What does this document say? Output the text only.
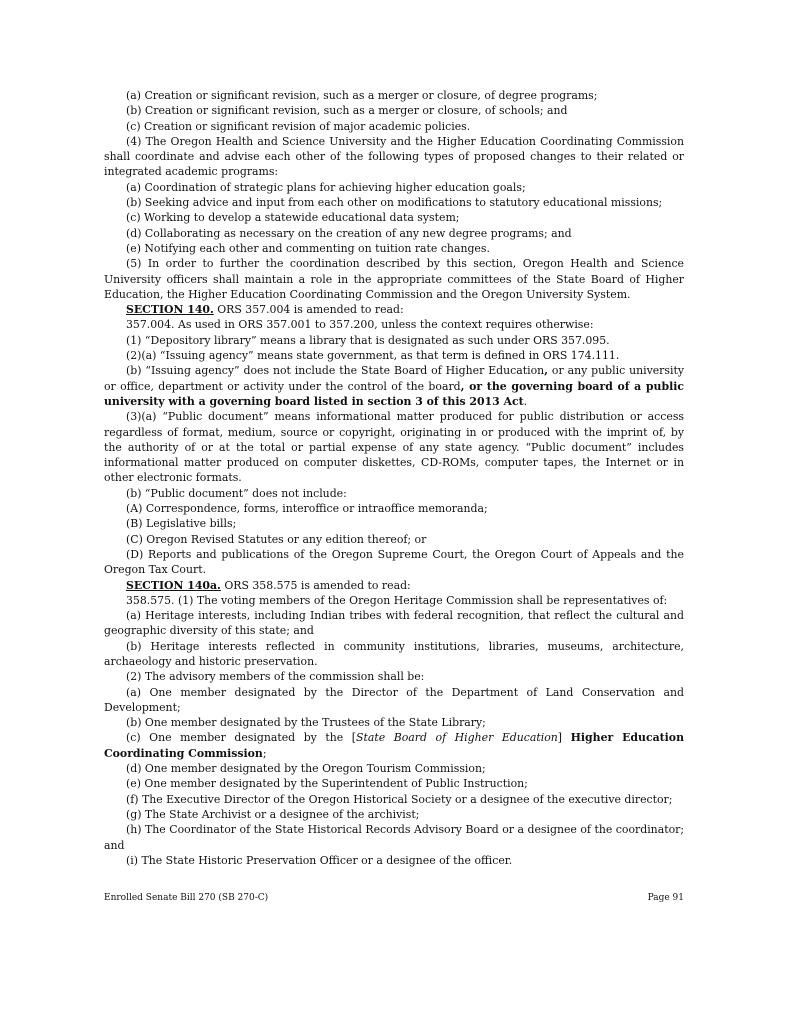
(a) Creation or significant revision, such as a merger or closure, of degree programs;

(b) Creation or significant revision, such as a merger or closure, of schools; and

(c) Creation or significant revision of major academic policies.

(4) The Oregon Health and Science University and the Higher Education Coordinating Commission shall coordinate and advise each other of the following types of proposed changes to their related or integrated academic programs:

(a) Coordination of strategic plans for achieving higher education goals;

(b) Seeking advice and input from each other on modifications to statutory educational missions;

(c) Working to develop a statewide educational data system;

(d) Collaborating as necessary on the creation of any new degree programs; and

(e) Notifying each other and commenting on tuition rate changes.

(5) In order to further the coordination described by this section, Oregon Health and Science University officers shall maintain a role in the appropriate committees of the State Board of Higher Education, the Higher Education Coordinating Commission and the Oregon University System.

SECTION 140. ORS 357.004 is amended to read:

357.004. As used in ORS 357.001 to 357.200, unless the context requires otherwise:

(1) “Depository library” means a library that is designated as such under ORS 357.095.

(2)(a) “Issuing agency” means state government, as that term is defined in ORS 174.111.

(b) “Issuing agency” does not include the State Board of Higher Education, or any public university or office, department or activity under the control of the board, or the governing board of a public university with a governing board listed in section 3 of this 2013 Act.

(3)(a) “Public document” means informational matter produced for public distribution or access regardless of format, medium, source or copyright, originating in or produced with the imprint of, by the authority of or at the total or partial expense of any state agency. “Public document” includes informational matter produced on computer diskettes, CD-ROMs, computer tapes, the Internet or in other electronic formats.

(b) “Public document” does not include:

(A) Correspondence, forms, interoffice or intraoffice memoranda;

(B) Legislative bills;

(C) Oregon Revised Statutes or any edition thereof; or

(D) Reports and publications of the Oregon Supreme Court, the Oregon Court of Appeals and the Oregon Tax Court.

SECTION 140a. ORS 358.575 is amended to read:

358.575. (1) The voting members of the Oregon Heritage Commission shall be representatives of:

(a) Heritage interests, including Indian tribes with federal recognition, that reflect the cultural and geographic diversity of this state; and

(b) Heritage interests reflected in community institutions, libraries, museums, architecture, archaeology and historic preservation.

(2) The advisory members of the commission shall be:

(a) One member designated by the Director of the Department of Land Conservation and Development;

(b) One member designated by the Trustees of the State Library;

(c) One member designated by the [State Board of Higher Education] Higher Education Coordinating Commission;

(d) One member designated by the Oregon Tourism Commission;

(e) One member designated by the Superintendent of Public Instruction;

(f) The Executive Director of the Oregon Historical Society or a designee of the executive director;

(g) The State Archivist or a designee of the archivist;

(h) The Coordinator of the State Historical Records Advisory Board or a designee of the coordinator; and

(i) The State Historic Preservation Officer or a designee of the officer.

Enrolled Senate Bill 270 (SB 270-C)	Page 91
